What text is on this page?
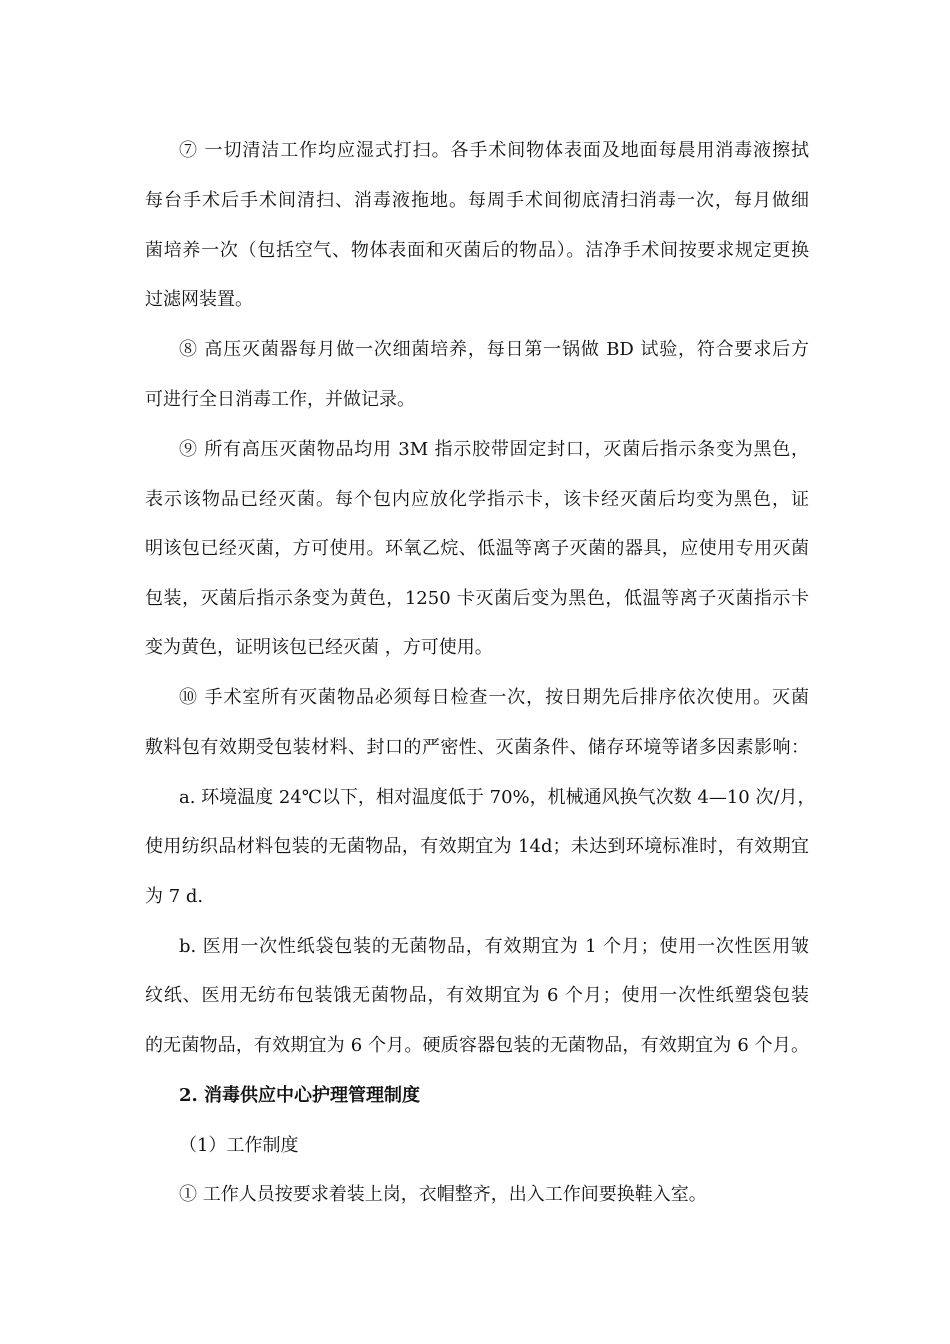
⑦ 一切清洁工作均应湿式打扫。各手术间物体表面及地面每晨用消毒液擦拭
每台手术后手术间清扫、消毒液拖地。每周手术间彻底清扫消毒一次，每月做细
菌培养一次（包括空气、物体表面和灭菌后的物品）。洁净手术间按要求规定更换
过滤网装置。
⑧ 高压灭菌器每月做一次细菌培养，每日第一锅做 BD 试验，符合要求后方
可进行全日消毒工作，并做记录。
⑨ 所有高压灭菌物品均用 3M 指示胶带固定封口，灭菌后指示条变为黑色，
表示该物品已经灭菌。每个包内应放化学指示卡，该卡经灭菌后均变为黑色，证
明该包已经灭菌，方可使用。环氧乙烷、低温等离子灭菌的器具，应使用专用灭菌
包装，灭菌后指示条变为黄色，1250 卡灭菌后变为黑色，低温等离子灭菌指示卡
变为黄色，证明该包已经灭菌 ，方可使用。
⑩ 手术室所有灭菌物品必须每日检查一次，按日期先后排序依次使用。灭菌
敷料包有效期受包装材料、封口的严密性、灭菌条件、储存环境等诸多因素影响：
a. 环境温度 24℃以下，相对温度低于 70%，机械通风换气次数 4—10 次/月，
使用纺织品材料包装的无菌物品，有效期宜为 14d；未达到环境标准时，有效期宜
为 7 d.
b. 医用一次性纸袋包装的无菌物品，有效期宜为 1 个月；使用一次性医用皱
纹纸、医用无纺布包装饿无菌物品，有效期宜为 6 个月；使用一次性纸塑袋包装
的无菌物品，有效期宜为 6 个月。硬质容器包装的无菌物品，有效期宜为 6 个月。
2. 消毒供应中心护理管理制度
（1）工作制度
① 工作人员按要求着装上岗，衣帽整齐，出入工作间要换鞋入室。
